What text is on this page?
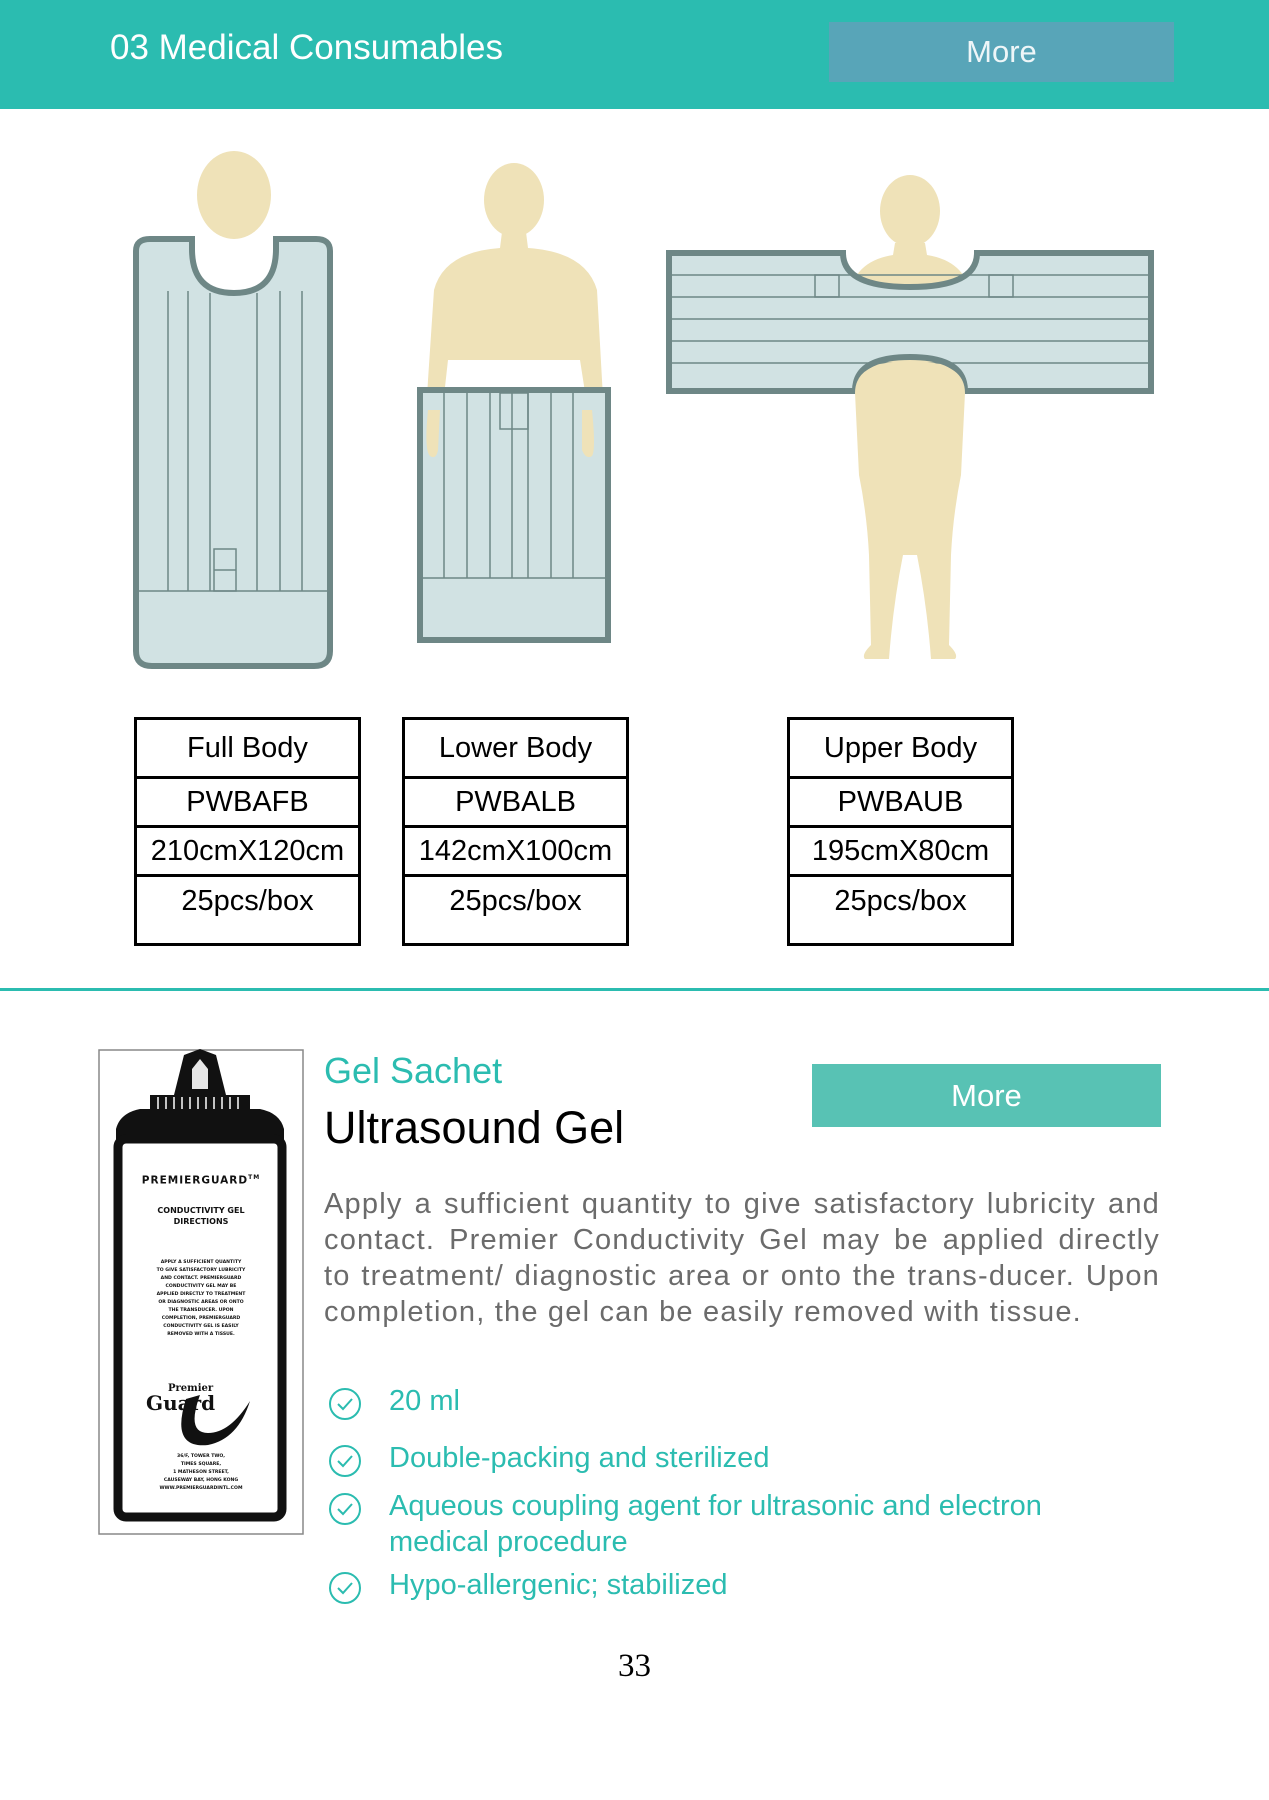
03 Medical Consumables	More
Full Body
PWBAFB
210cmX120cm
25pcs/box
Lower Body
PWBALB
142cmX100cm
25pcs/box
Upper Body
PWBAUB
195cmX80cm
25pcs/box
PREMIERGUARD™
CONDUCTIVITY GEL
DIRECTIONS
APPLY A SUFFICIENT QUANTITY
TO GIVE SATISFACTORY LUBRICITY
AND CONTACT. PREMIERGUARD
CONDUCTIVITY GEL MAY BE
APPLIED DIRECTLY TO TREATMENT
OR DIAGNOSTIC AREAS OR ONTO
THE TRANSDUCER. UPON
COMPLETION, PREMIERGUARD
CONDUCTIVITY GEL IS EASILY
REMOVED WITH A TISSUE.
Premier
Guard
36/F, TOWER TWO,
TIMES SQUARE,
1 MATHESON STREET,
CAUSEWAY BAY, HONG KONG
WWW.PREMIERGUARDINTL.COM
Gel Sachet
Ultrasound Gel
More
Apply a sufficient quantity to give satisfactory lubricity and contact. Premier Conductivity Gel may be applied directly to treatment/ diagnostic area or onto the trans-ducer. Upon completion, the gel can be easily removed with tissue.
20 ml
Double-packing and sterilized
Aqueous coupling agent for ultrasonic and electron medical procedure
Hypo-allergenic; stabilized
33
